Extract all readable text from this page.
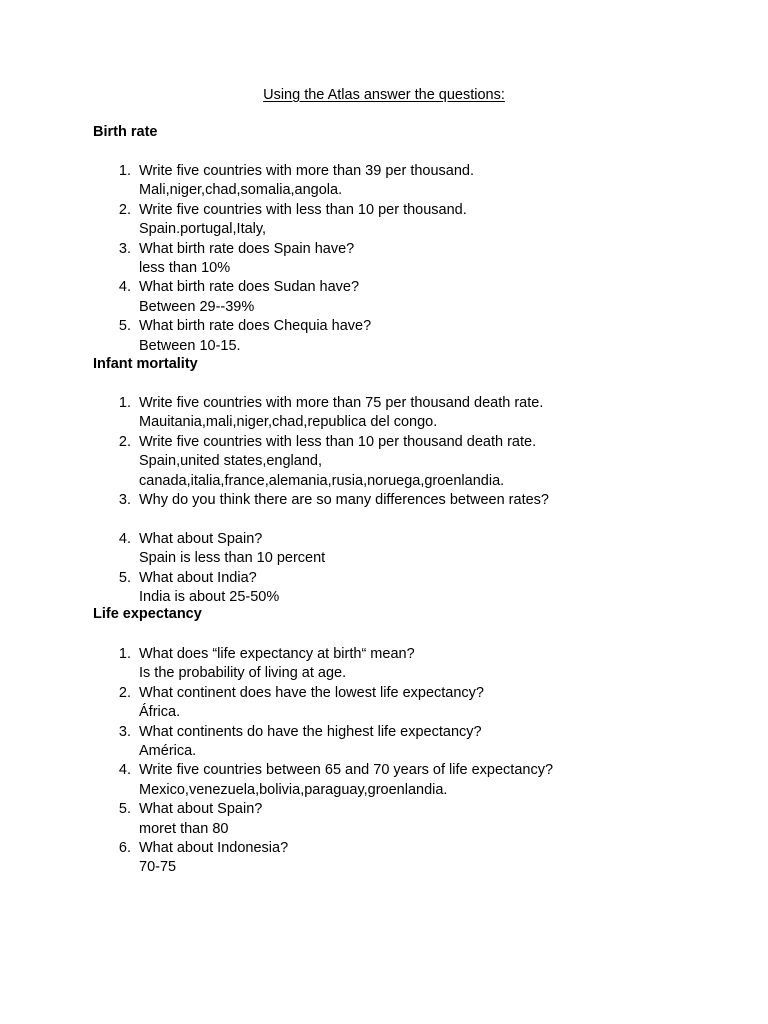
Using the Atlas answer the questions:
Birth rate
1. Write five countries with more than 39 per thousand.
Mali,niger,chad,somalia,angola.
2. Write five countries with less than 10 per thousand.
Spain.portugal,Italy,
3. What birth rate does Spain have?
less than 10%
4. What birth rate does Sudan have?
Between 29--39%
5. What birth rate does Chequia have?
Between 10-15.
Infant mortality
1. Write five countries with more than 75 per thousand death rate.
Mauitania,mali,niger,chad,republica del congo.
2. Write five countries with less than 10 per thousand death rate.
Spain,united states,england,
canada,italia,france,alemania,rusia,noruega,groenlandia.
3. Why do you think there are so many differences between rates?
4. What about Spain?
Spain is less than 10 percent
5. What about India?
India is about 25-50%
Life expectancy
1. What does “life expectancy at birth“ mean?
Is the probability of living at age.
2. What continent does have the lowest life expectancy?
África.
3. What continents do have the highest life expectancy?
América.
4. Write five countries between 65 and 70 years of life expectancy?
Mexico,venezuela,bolivia,paraguay,groenlandia.
5. What about Spain?
moret than 80
6. What about Indonesia?
70-75
